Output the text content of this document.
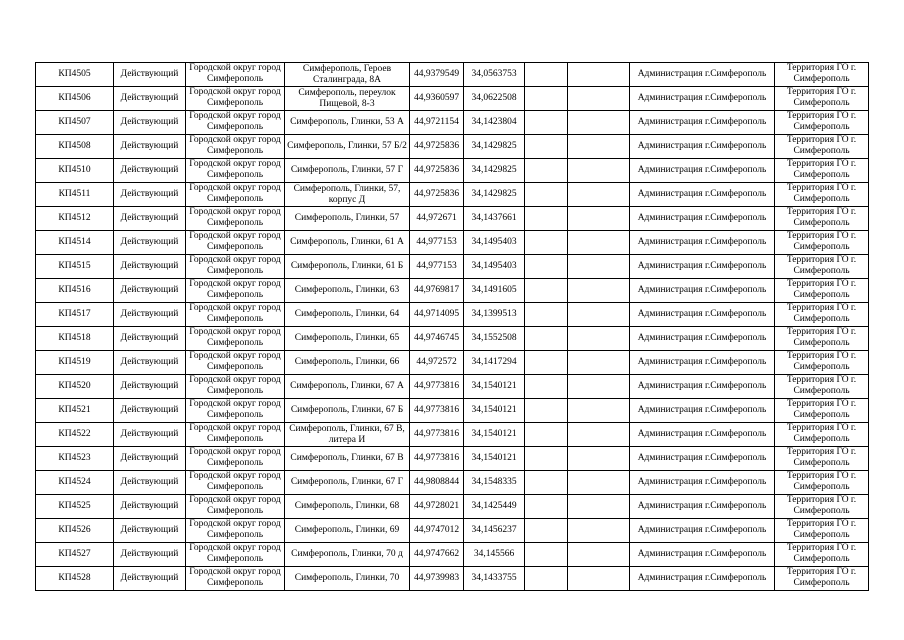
КП4505	Действующий	Городской округ город Симферополь	Симферополь, Героев Сталинграда, 8А	44,9379549	34,0563753			Администрация г.Симферополь	Территория ГО г. Симферополь
КП4506	Действующий	Городской округ город Симферополь	Симферополь, переулок Пищевой, 8-3	44,9360597	34,0622508			Администрация г.Симферополь	Территория ГО г. Симферополь
КП4507	Действующий	Городской округ город Симферополь	Симферополь, Глинки, 53 А	44,9721154	34,1423804			Администрация г.Симферополь	Территория ГО г. Симферополь
КП4508	Действующий	Городской округ город Симферополь	Симферополь, Глинки, 57 Б/2	44,9725836	34,1429825			Администрация г.Симферополь	Территория ГО г. Симферополь
КП4510	Действующий	Городской округ город Симферополь	Симферополь, Глинки, 57 Г	44,9725836	34,1429825			Администрация г.Симферополь	Территория ГО г. Симферополь
КП4511	Действующий	Городской округ город Симферополь	Симферополь, Глинки, 57, корпус Д	44,9725836	34,1429825			Администрация г.Симферополь	Территория ГО г. Симферополь
КП4512	Действующий	Городской округ город Симферополь	Симферополь, Глинки, 57	44,972671	34,1437661			Администрация г.Симферополь	Территория ГО г. Симферополь
КП4514	Действующий	Городской округ город Симферополь	Симферополь, Глинки, 61 А	44,977153	34,1495403			Администрация г.Симферополь	Территория ГО г. Симферополь
КП4515	Действующий	Городской округ город Симферополь	Симферополь, Глинки, 61 Б	44,977153	34,1495403			Администрация г.Симферополь	Территория ГО г. Симферополь
КП4516	Действующий	Городской округ город Симферополь	Симферополь, Глинки, 63	44,9769817	34,1491605			Администрация г.Симферополь	Территория ГО г. Симферополь
КП4517	Действующий	Городской округ город Симферополь	Симферополь, Глинки, 64	44,9714095	34,1399513			Администрация г.Симферополь	Территория ГО г. Симферополь
КП4518	Действующий	Городской округ город Симферополь	Симферополь, Глинки, 65	44,9746745	34,1552508			Администрация г.Симферополь	Территория ГО г. Симферополь
КП4519	Действующий	Городской округ город Симферополь	Симферополь, Глинки, 66	44,972572	34,1417294			Администрация г.Симферополь	Территория ГО г. Симферополь
КП4520	Действующий	Городской округ город Симферополь	Симферополь, Глинки, 67 А	44,9773816	34,1540121			Администрация г.Симферополь	Территория ГО г. Симферополь
КП4521	Действующий	Городской округ город Симферополь	Симферополь, Глинки, 67 Б	44,9773816	34,1540121			Администрация г.Симферополь	Территория ГО г. Симферополь
КП4522	Действующий	Городской округ город Симферополь	Симферополь, Глинки, 67 В, литера И	44,9773816	34,1540121			Администрация г.Симферополь	Территория ГО г. Симферополь
КП4523	Действующий	Городской округ город Симферополь	Симферополь, Глинки, 67 В	44,9773816	34,1540121			Администрация г.Симферополь	Территория ГО г. Симферополь
КП4524	Действующий	Городской округ город Симферополь	Симферополь, Глинки, 67 Г	44,9808844	34,1548335			Администрация г.Симферополь	Территория ГО г. Симферополь
КП4525	Действующий	Городской округ город Симферополь	Симферополь, Глинки, 68	44,9728021	34,1425449			Администрация г.Симферополь	Территория ГО г. Симферополь
КП4526	Действующий	Городской округ город Симферополь	Симферополь, Глинки, 69	44,9747012	34,1456237			Администрация г.Симферополь	Территория ГО г. Симферополь
КП4527	Действующий	Городской округ город Симферополь	Симферополь, Глинки, 70 д	44,9747662	34,145566			Администрация г.Симферополь	Территория ГО г. Симферополь
КП4528	Действующий	Городской округ город Симферополь	Симферополь, Глинки, 70	44,9739983	34,1433755			Администрация г.Симферополь	Территория ГО г. Симферополь
